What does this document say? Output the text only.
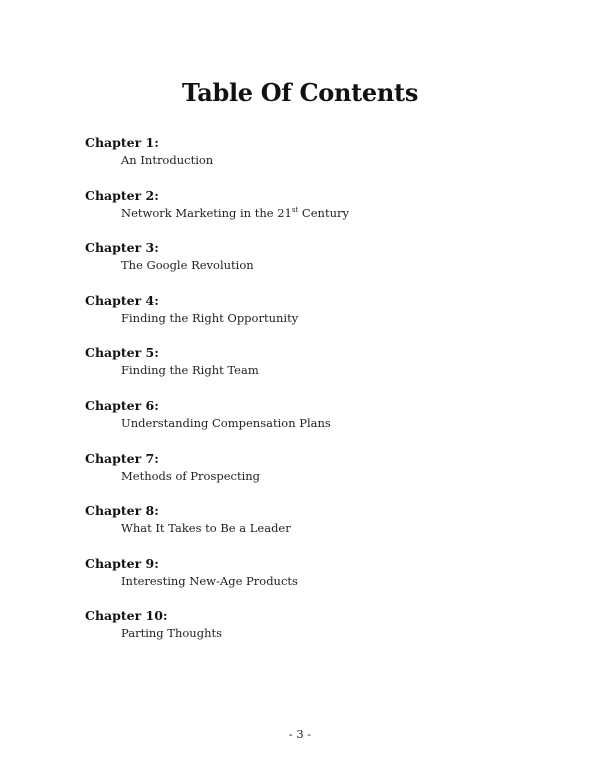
Table Of Contents
Chapter 1:
An Introduction
Chapter 2:
Network Marketing in the 21st Century
Chapter 3:
The Google Revolution
Chapter 4:
Finding the Right Opportunity
Chapter 5:
Finding the Right Team
Chapter 6:
Understanding Compensation Plans
Chapter 7:
Methods of Prospecting
Chapter 8:
What It Takes to Be a Leader
Chapter 9:
Interesting New-Age Products
Chapter 10:
Parting Thoughts
- 3 -
